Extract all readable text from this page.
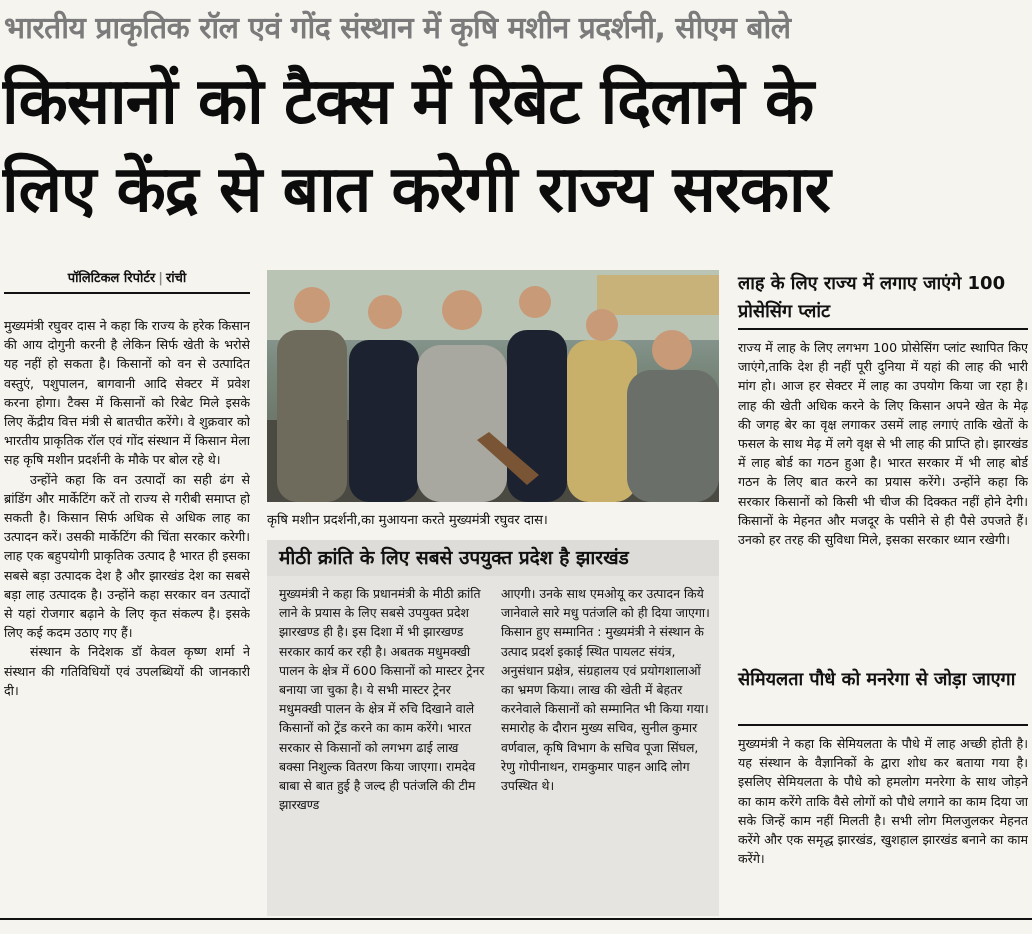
भारतीय प्राकृतिक रॉल एवं गोंद संस्थान में कृषि मशीन प्रदर्शनी, सीएम बोले
किसानों को टैक्स में रिबेट दिलाने के
लिए केंद्र से बात करेगी राज्य सरकार
पॉलिटिकल रिपोर्टर | रांची

मुख्यमंत्री रघुवर दास ने कहा कि राज्य के हरेक किसान की आय दोगुनी करनी है लेकिन सिर्फ खेती के भरोसे यह नहीं हो सकता है। किसानों को वन से उत्पादित वस्तुएं, पशुपालन, बागवानी आदि सेक्टर में प्रवेश करना होगा। टैक्स में किसानों को रिबेट मिले इसके लिए केंद्रीय वित्त मंत्री से बातचीत करेंगे। वे शुक्रवार को भारतीय प्राकृतिक रॉल एवं गोंद संस्थान में किसान मेला सह कृषि मशीन प्रदर्शनी के मौके पर बोल रहे थे।

उन्होंने कहा कि वन उत्पादों का सही ढंग से ब्रांडिंग और मार्केटिंग करें तो राज्य से गरीबी समाप्त हो सकती है। किसान सिर्फ अधिक से अधिक लाह का उत्पादन करें। उसकी मार्केटिंग की चिंता सरकार करेगी। लाह एक बहुपयोगी प्राकृतिक उत्पाद है भारत ही इसका सबसे बड़ा उत्पादक देश है और झारखंड देश का सबसे बड़ा लाह उत्पादक है। उन्होंने कहा सरकार वन उत्पादों से यहां रोजगार बढ़ाने के लिए कृत संकल्प है। इसके लिए कई कदम उठाए गए हैं।

संस्थान के निदेशक डॉ केवल कृष्ण शर्मा ने संस्थान की गतिविधियों एवं उपलब्धियों की जानकारी दी।

कृषि मशीन प्रदर्शनी,का मुआयना करते मुख्यमंत्री रघुवर दास।
मीठी क्रांति के लिए सबसे उपयुक्त प्रदेश है झारखंड
मुख्यमंत्री ने कहा कि प्रधानमंत्री के मीठी क्रांति लाने के प्रयास के लिए सबसे उपयुक्त प्रदेश झारखण्ड ही है। इस दिशा में भी झारखण्ड सरकार कार्य कर रही है। अबतक मधुमक्खी पालन के क्षेत्र में 600 किसानों को मास्टर ट्रेनर बनाया जा चुका है। ये सभी मास्टर ट्रेनर मधुमक्खी पालन के क्षेत्र में रुचि दिखाने वाले किसानों को ट्रेंड करने का काम करेंगे। भारत सरकार से किसानों को लगभग ढाई लाख बक्सा निशुल्क वितरण किया जाएगा। रामदेव बाबा से बात हुई है जल्द ही पतंजलि की टीम झारखण्ड
आएगी। उनके साथ एमओयू कर उत्पादन किये जानेवाले सारे मधु पतंजलि को ही दिया जाएगा। किसान हुए सम्मानित : मुख्यमंत्री ने संस्थान के उत्पाद प्रदर्श इकाई स्थित पायलट संयंत्र, अनुसंधान प्रक्षेत्र, संग्रहालय एवं प्रयोगशालाओं का भ्रमण किया। लाख की खेती में बेहतर करनेवाले किसानों को सम्मानित भी किया गया। समारोह के दौरान मुख्य सचिव, सुनील कुमार वर्णवाल, कृषि विभाग के सचिव पूजा सिंघल, रेणु गोपीनाथन, रामकुमार पाहन आदि लोग उपस्थित थे।
लाह के लिए राज्य में लगाए जाएंगे 100 प्रोसेसिंग प्लांट
राज्य में लाह के लिए लगभग 100 प्रोसेसिंग प्लांट स्थापित किए जाएंगे,ताकि देश ही नहीं पूरी दुनिया में यहां की लाह की भारी मांग हो। आज हर सेक्टर में लाह का उपयोग किया जा रहा है। लाह की खेती अधिक करने के लिए किसान अपने खेत के मेढ़ की जगह बेर का वृक्ष लगाकर उसमें लाह लगाएं ताकि खेतों के फसल के साथ मेढ़ में लगे वृक्ष से भी लाह की प्राप्ति हो। झारखंड में लाह बोर्ड का गठन हुआ है। भारत सरकार में भी लाह बोर्ड गठन के लिए बात करने का प्रयास करेंगे। उन्होंने कहा कि सरकार किसानों को किसी भी चीज की दिक्कत नहीं होने देगी। किसानों के मेहनत और मजदूर के पसीने से ही पैसे उपजते हैं। उनको हर तरह की सुविधा मिले, इसका सरकार ध्यान रखेगी।
सेमियलता पौधे को मनरेगा से जोड़ा जाएगा
मुख्यमंत्री ने कहा कि सेमियलता के पौधे में लाह अच्छी होती है। यह संस्थान के वैज्ञानिकों के द्वारा शोध कर बताया गया है। इसलिए सेमियलता के पौधे को हमलोग मनरेगा के साथ जोड़ने का काम करेंगे ताकि वैसे लोगों को पौधे लगाने का काम दिया जा सके जिन्हें काम नहीं मिलती है। सभी लोग मिलजुलकर मेहनत करेंगे और एक समृद्ध झारखंड, खुशहाल झारखंड बनाने का काम करेंगे।
